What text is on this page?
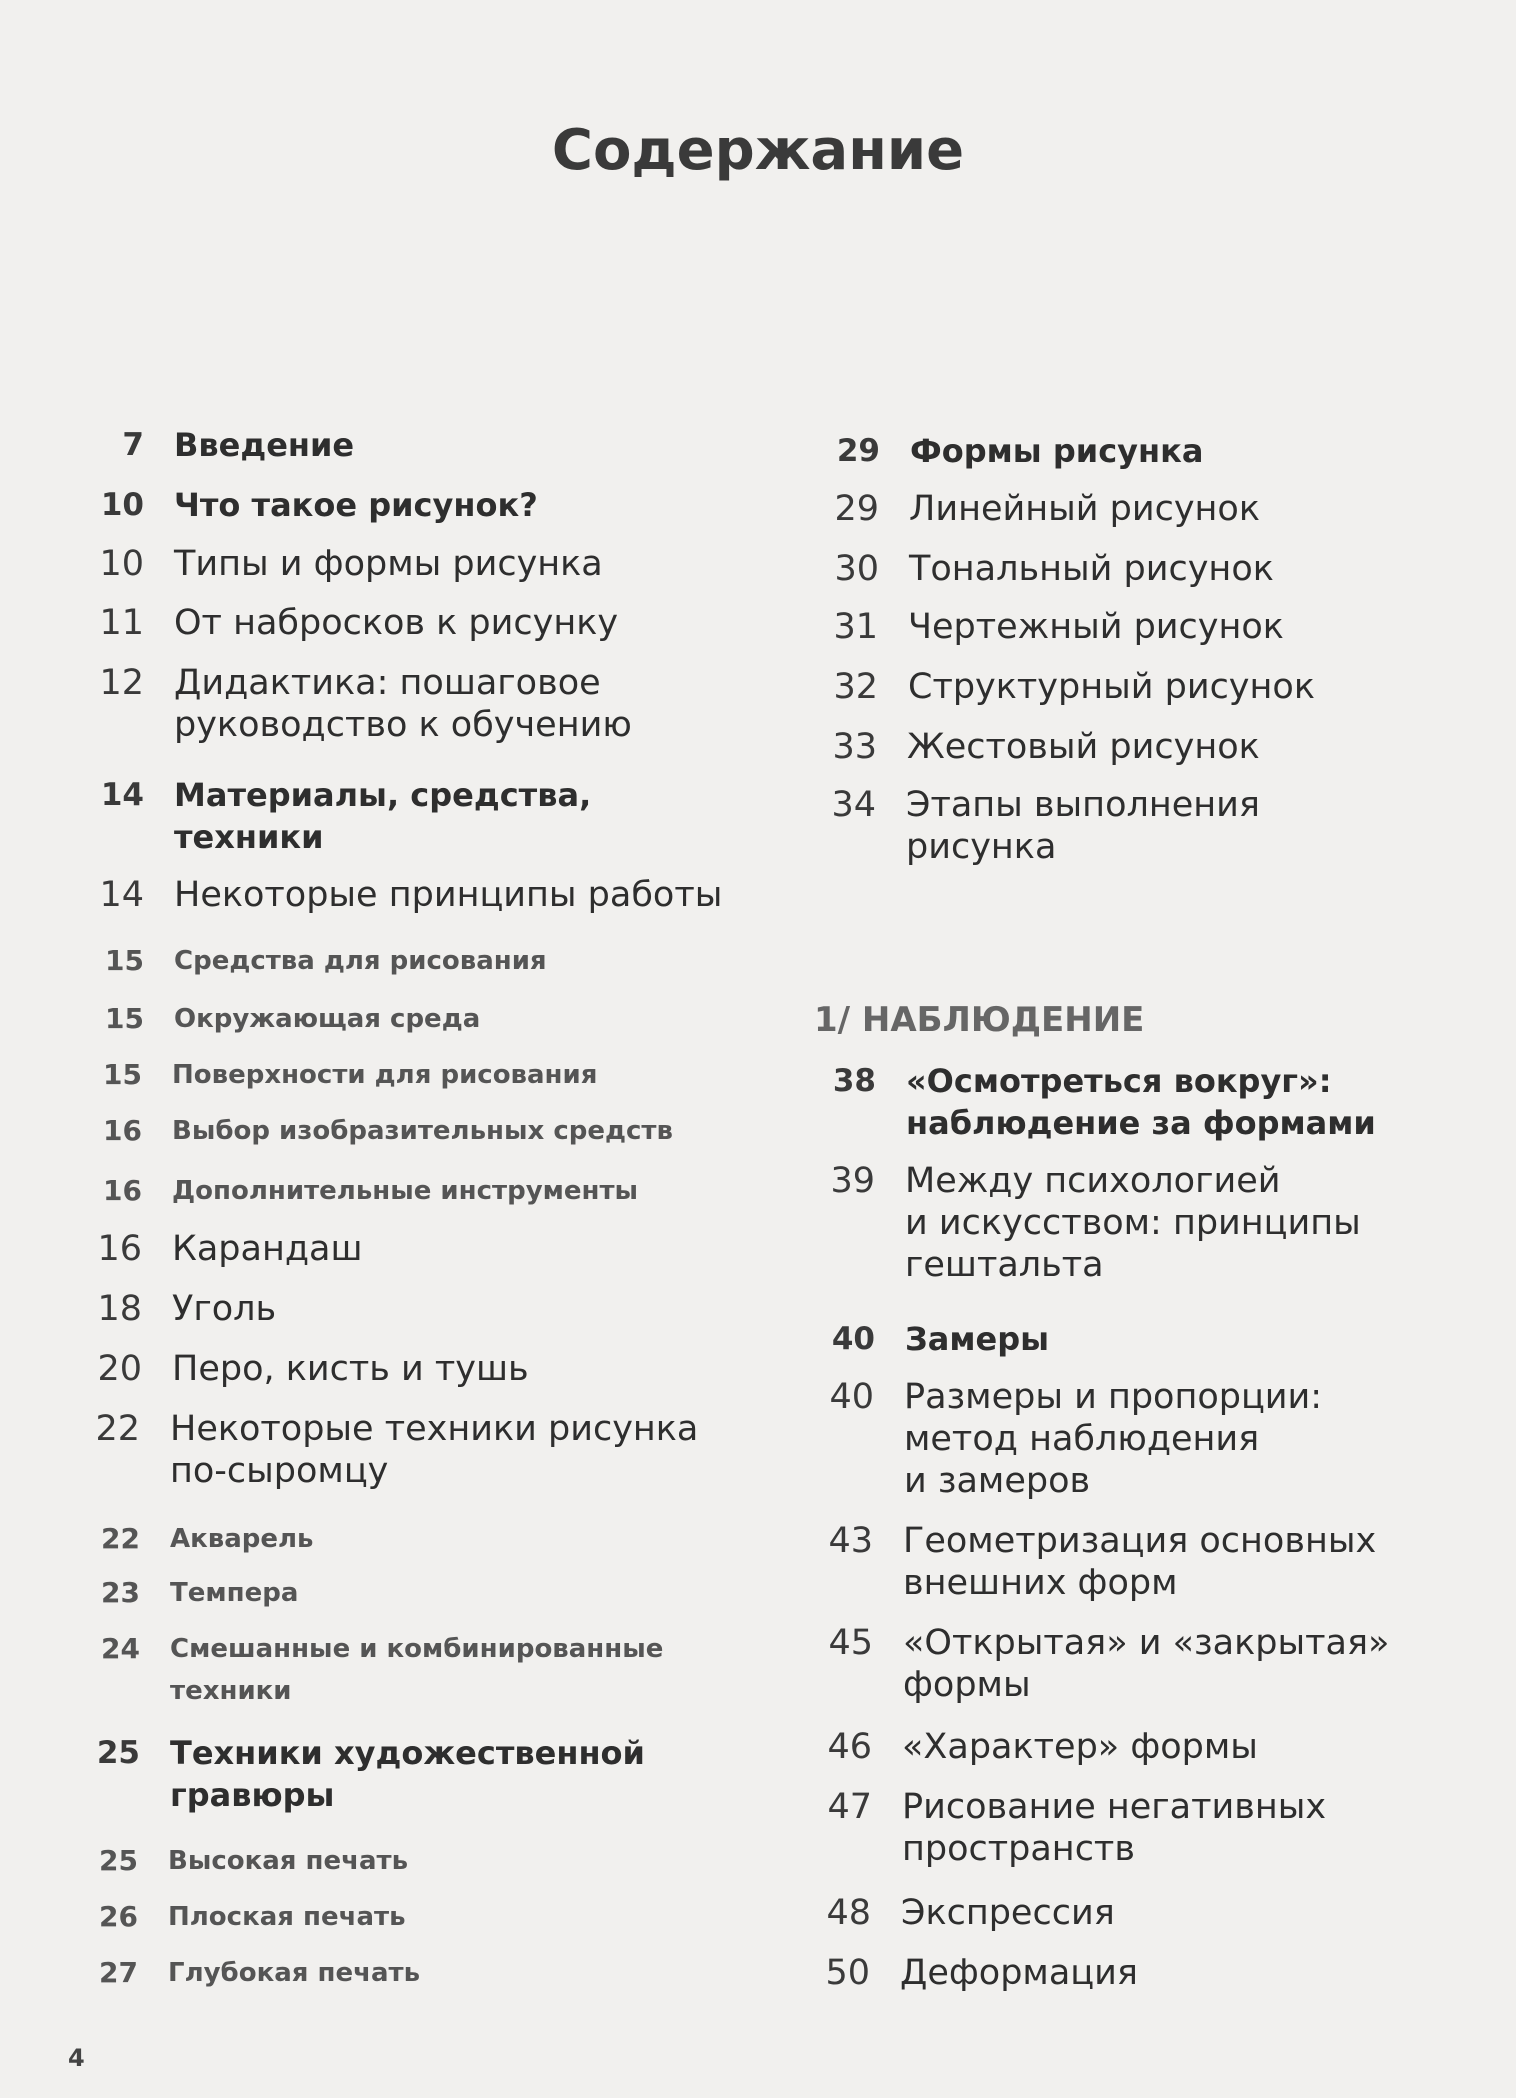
Содержание
7 Введение
10 Что такое рисунок?
10 Типы и формы рисунка
11 От набросков к рисунку
12 Дидактика: пошаговое
руководство к обучению
14 Материалы, средства,
техники
14 Некоторые принципы работы
15 Средства для рисования
15 Окружающая среда
15 Поверхности для рисования
16 Выбор изобразительных средств
16 Дополнительные инструменты
16 Карандаш
18 Уголь
20 Перо, кисть и тушь
22 Некоторые техники рисунка
по-сыромцу
22 Акварель
23 Темпера
24 Смешанные и комбинированные
техники
25 Техники художественной
гравюры
25 Высокая печать
26 Плоская печать
27 Глубокая печать
29 Формы рисунка
29 Линейный рисунок
30 Тональный рисунок
31 Чертежный рисунок
32 Структурный рисунок
33 Жестовый рисунок
34 Этапы выполнения
рисунка
38 «Осмотреться вокруг»:
наблюдение за формами
39 Между психологией
и искусством: принципы
гештальта
40 Замеры
40 Размеры и пропорции:
метод наблюдения
и замеров
43 Геометризация основных
внешних форм
45 «Открытая» и «закрытая»
формы
46 «Характер» формы
47 Рисование негативных
пространств
48 Экспрессия
50 Деформация
1/ НАБЛЮДЕНИЕ
4
